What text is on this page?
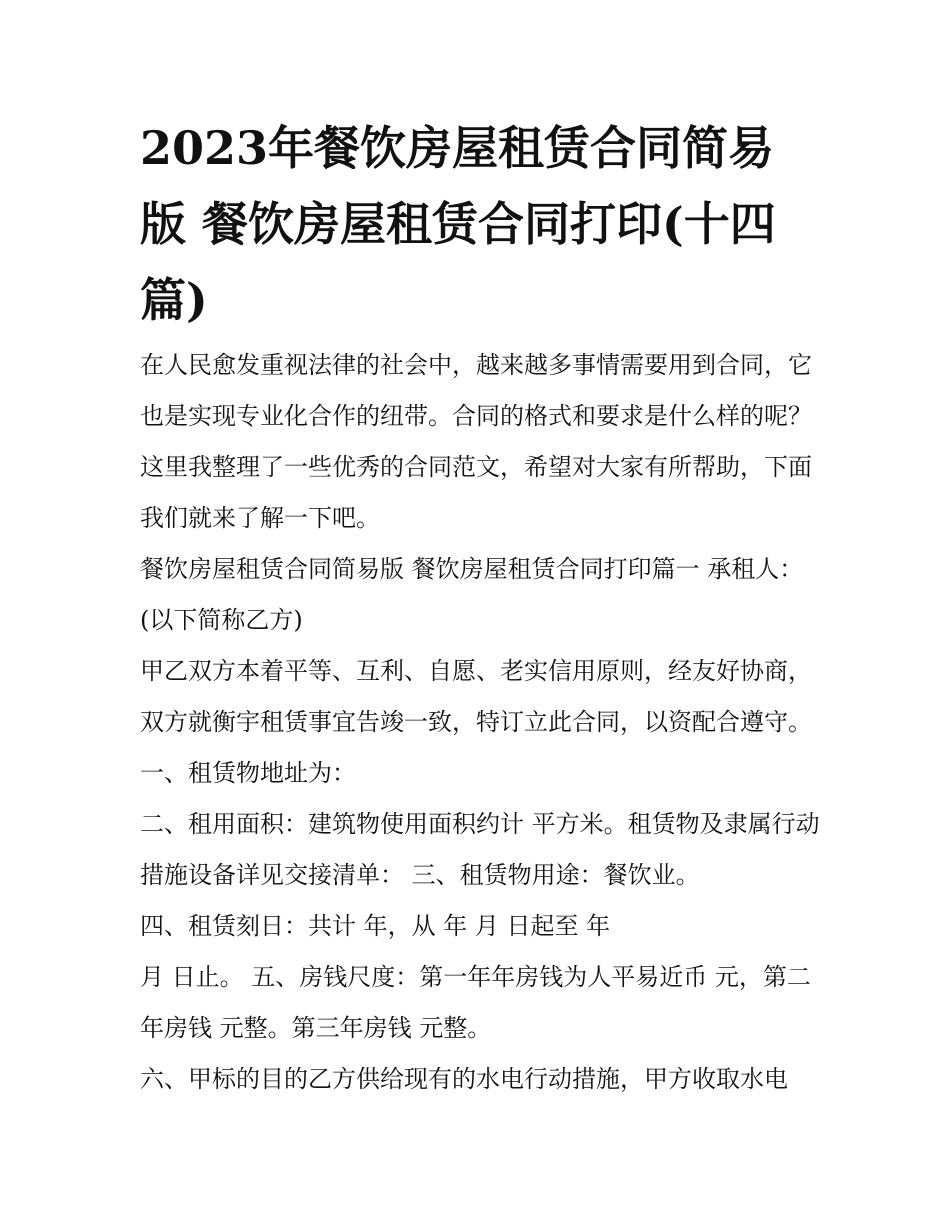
2023年餐饮房屋租赁合同简易版 餐饮房屋租赁合同打印(十四篇)

在人民愈发重视法律的社会中，越来越多事情需要用到合同，它也是实现专业化合作的纽带。合同的格式和要求是什么样的呢？这里我整理了一些优秀的合同范文，希望对大家有所帮助，下面我们就来了解一下吧。

餐饮房屋租赁合同简易版 餐饮房屋租赁合同打印篇一 承租人：(以下简称乙方)

甲乙双方本着平等、互利、自愿、老实信用原则，经友好协商，双方就衡宇租赁事宜告竣一致，特订立此合同，以资配合遵守。 一、租赁物地址为：

二、租用面积：建筑物使用面积约计 平方米。租赁物及隶属行动措施设备详见交接清单： 三、租赁物用途：餐饮业。

四、租赁刻日：共计 年，从 年 月 日起至 年

月 日止。 五、房钱尺度：第一年年房钱为人平易近币 元，第二年房钱 元整。第三年房钱 元整。

六、甲标的目的乙方供给现有的水电行动措施，甲方收取水电
